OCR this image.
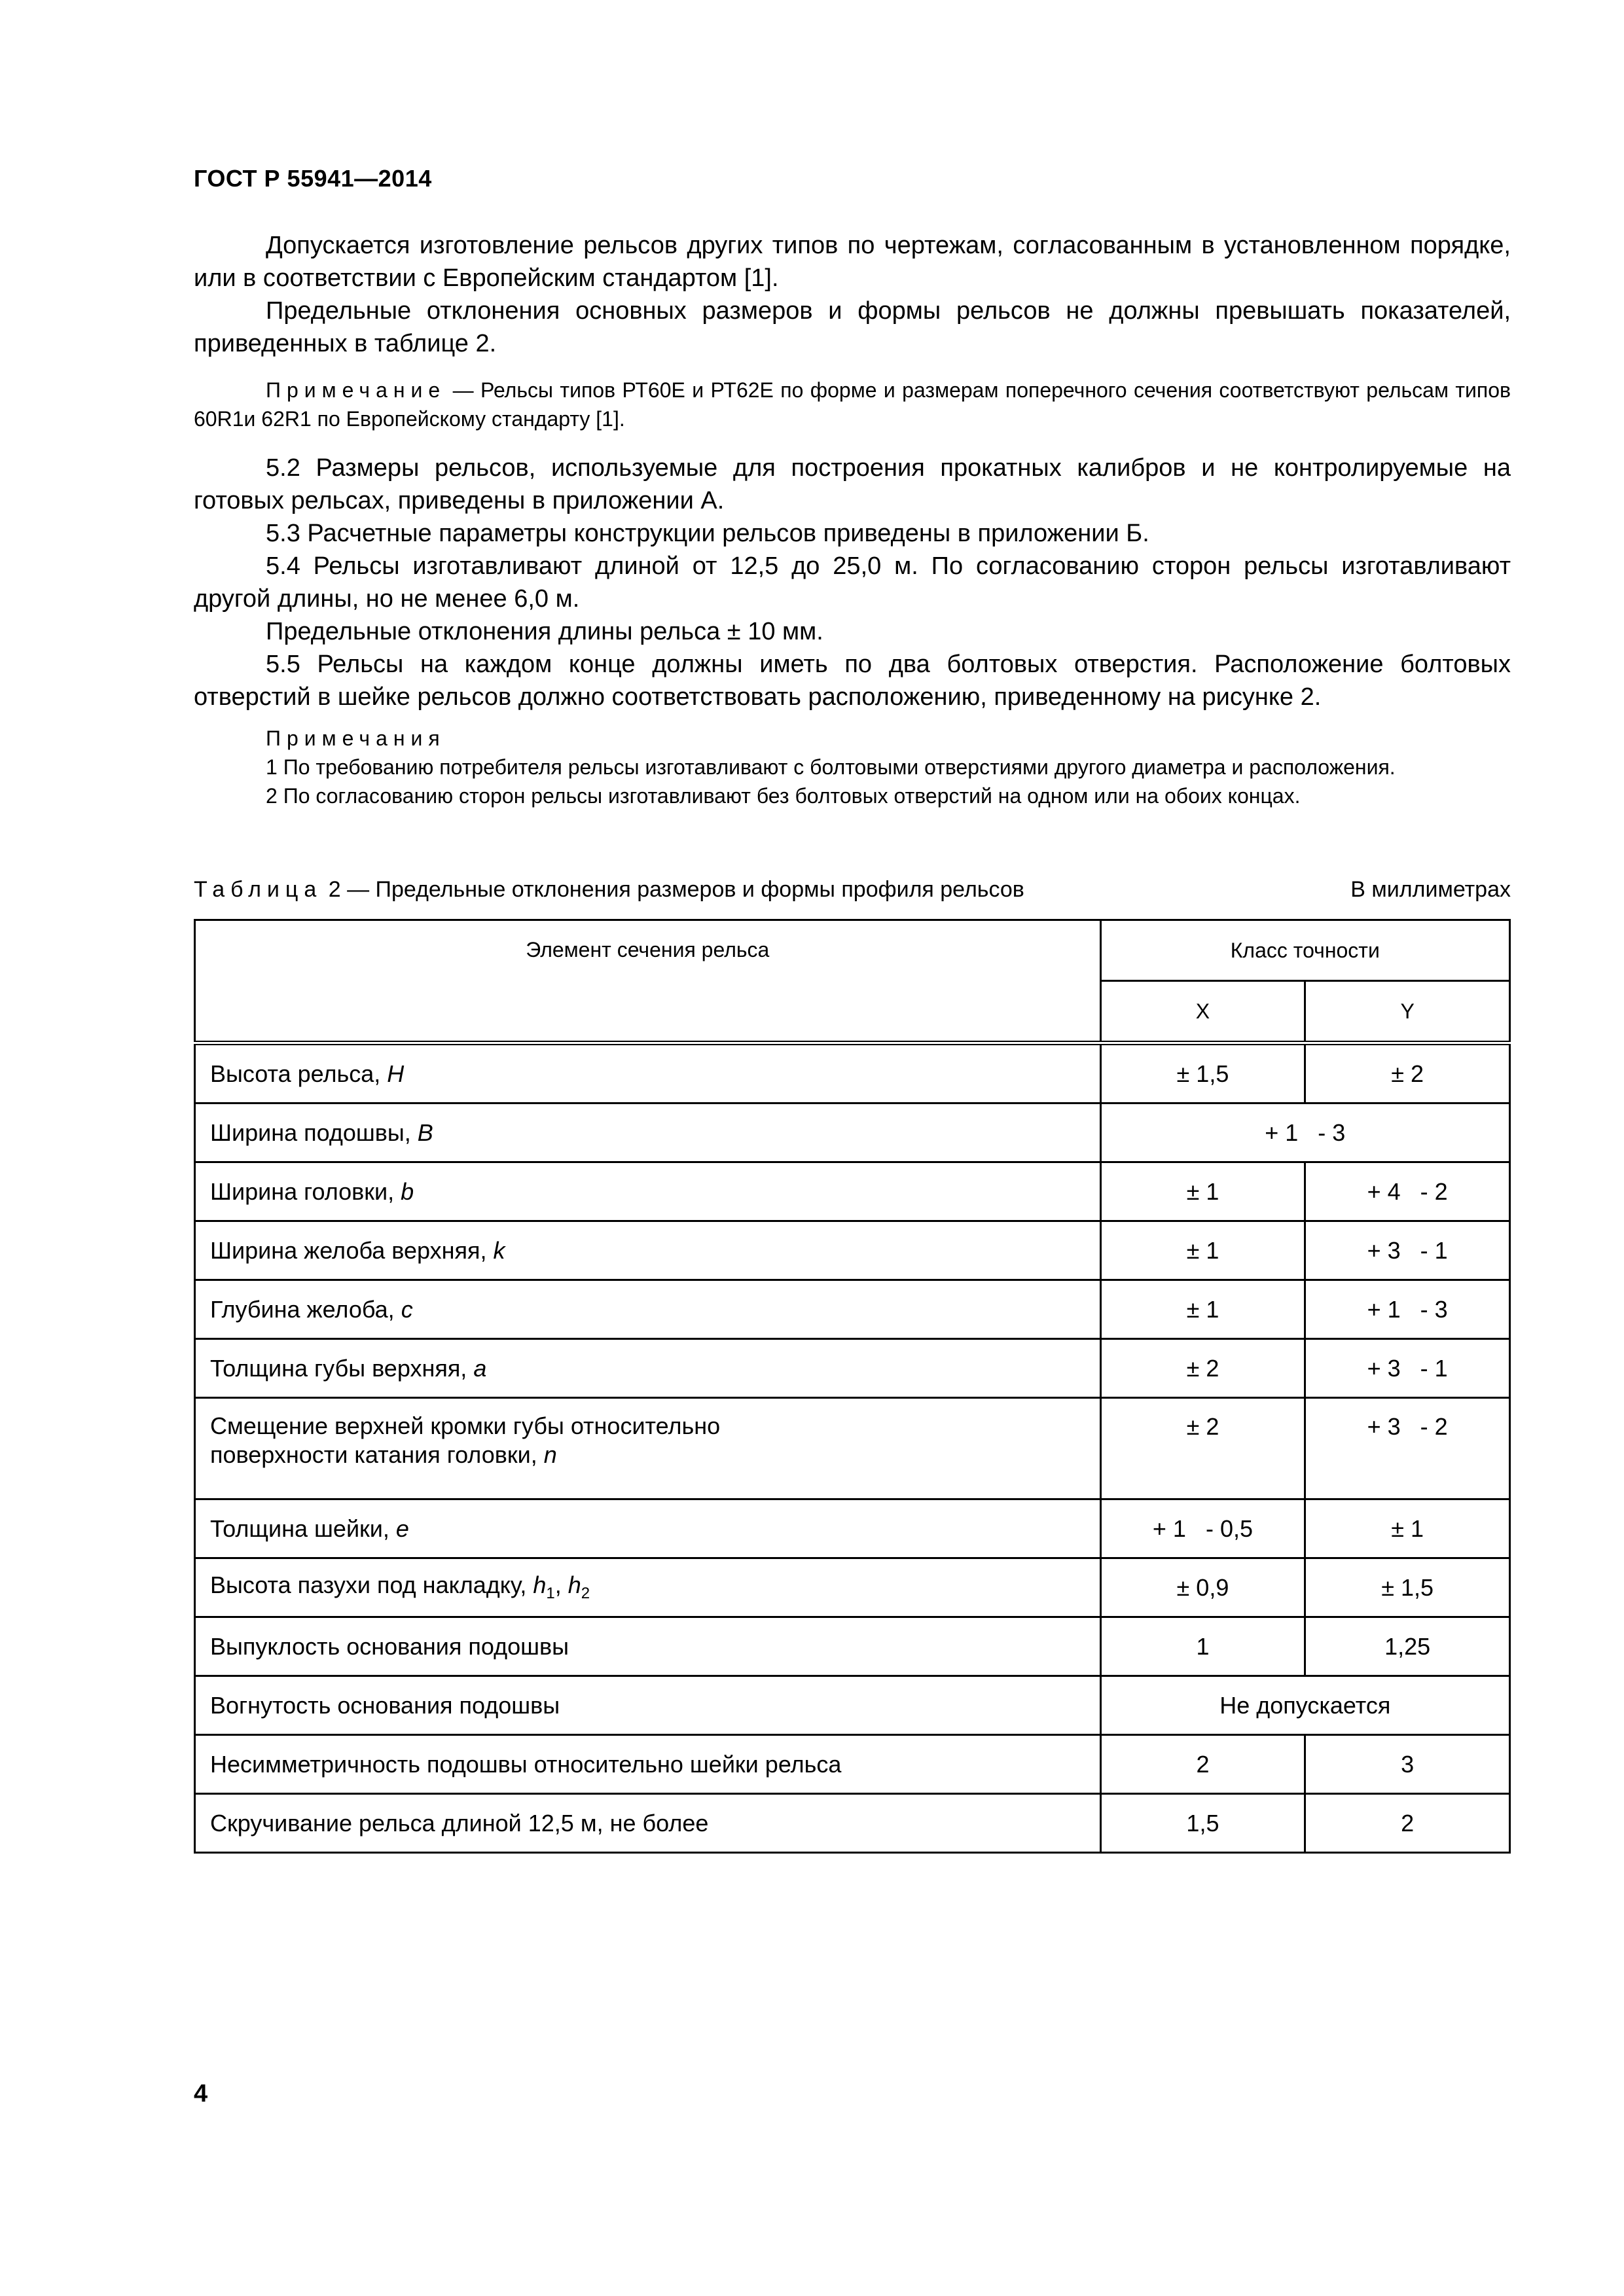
ГОСТ Р 55941—2014

Допускается изготовление рельсов других типов по чертежам, согласованным в установленном порядке, или в соответствии с Европейским стандартом [1].

Предельные отклонения основных размеров и формы рельсов не должны превышать показателей, приведенных в таблице 2.

Примечание — Рельсы типов РТ60Е и РТ62Е по форме и размерам поперечного сечения соответствуют рельсам типов 60R1и 62R1 по Европейскому стандарту [1].

5.2 Размеры рельсов, используемые для построения прокатных калибров и не контролируемые на готовых рельсах, приведены в приложении А.

5.3 Расчетные параметры конструкции рельсов приведены в приложении Б.

5.4 Рельсы изготавливают длиной от 12,5 до 25,0 м. По согласованию сторон рельсы изготавливают другой длины, но не менее 6,0 м.

Предельные отклонения длины рельса ± 10 мм.

5.5 Рельсы на каждом конце должны иметь по два болтовых отверстия. Расположение болтовых отверстий в шейке рельсов должно соответствовать расположению, приведенному на рисунке 2.

Примечания

1 По требованию потребителя рельсы изготавливают с болтовыми отверстиями другого диаметра и расположения.

2 По согласованию сторон рельсы изготавливают без болтовых отверстий на одном или на обоих концах.

Таблица 2 — Предельные отклонения размеров и формы профиля рельсов	В миллиметрах
Элемент сечения рельса	Класс точности	
	Х	Y
Высота рельса, Н	± 1,5	± 2
Ширина подошвы, В	+ 1   - 3	
Ширина головки, b	± 1	+ 4   - 2
Ширина желоба верхняя, k	± 1	+ 3   - 1
Глубина желоба, с	± 1	+ 1   - 3
Толщина губы верхняя, а	± 2	+ 3   - 1
Смещение верхней кромки губы относительно
поверхности катания головки, n	± 2	+ 3   - 2
Толщина шейки, е	+ 1   - 0,5	± 1
Высота пазухи под накладку, $h_1$, $h_2$	± 0,9	± 1,5
Выпуклость основания подошвы	1	1,25
Вогнутость основания подошвы	Не допускается	
Несимметричность подошвы относительно шейки рельса	2	3
Скручивание рельса длиной 12,5 м, не более	1,5	2
4
